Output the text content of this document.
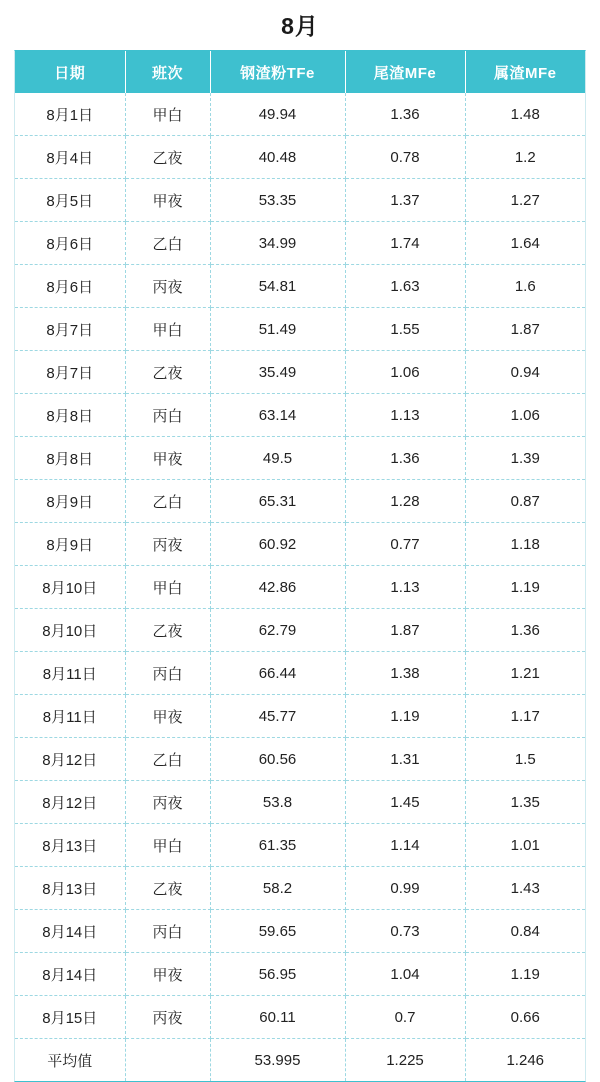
8月
日期	班次	钢渣粉TFe	尾渣MFe	属渣MFe
8月1日	甲白	49.94	1.36	1.48
8月4日	乙夜	40.48	0.78	1.2
8月5日	甲夜	53.35	1.37	1.27
8月6日	乙白	34.99	1.74	1.64
8月6日	丙夜	54.81	1.63	1.6
8月7日	甲白	51.49	1.55	1.87
8月7日	乙夜	35.49	1.06	0.94
8月8日	丙白	63.14	1.13	1.06
8月8日	甲夜	49.5	1.36	1.39
8月9日	乙白	65.31	1.28	0.87
8月9日	丙夜	60.92	0.77	1.18
8月10日	甲白	42.86	1.13	1.19
8月10日	乙夜	62.79	1.87	1.36
8月11日	丙白	66.44	1.38	1.21
8月11日	甲夜	45.77	1.19	1.17
8月12日	乙白	60.56	1.31	1.5
8月12日	丙夜	53.8	1.45	1.35
8月13日	甲白	61.35	1.14	1.01
8月13日	乙夜	58.2	0.99	1.43
8月14日	丙白	59.65	0.73	0.84
8月14日	甲夜	56.95	1.04	1.19
8月15日	丙夜	60.11	0.7	0.66
平均值		53.995	1.225	1.246
